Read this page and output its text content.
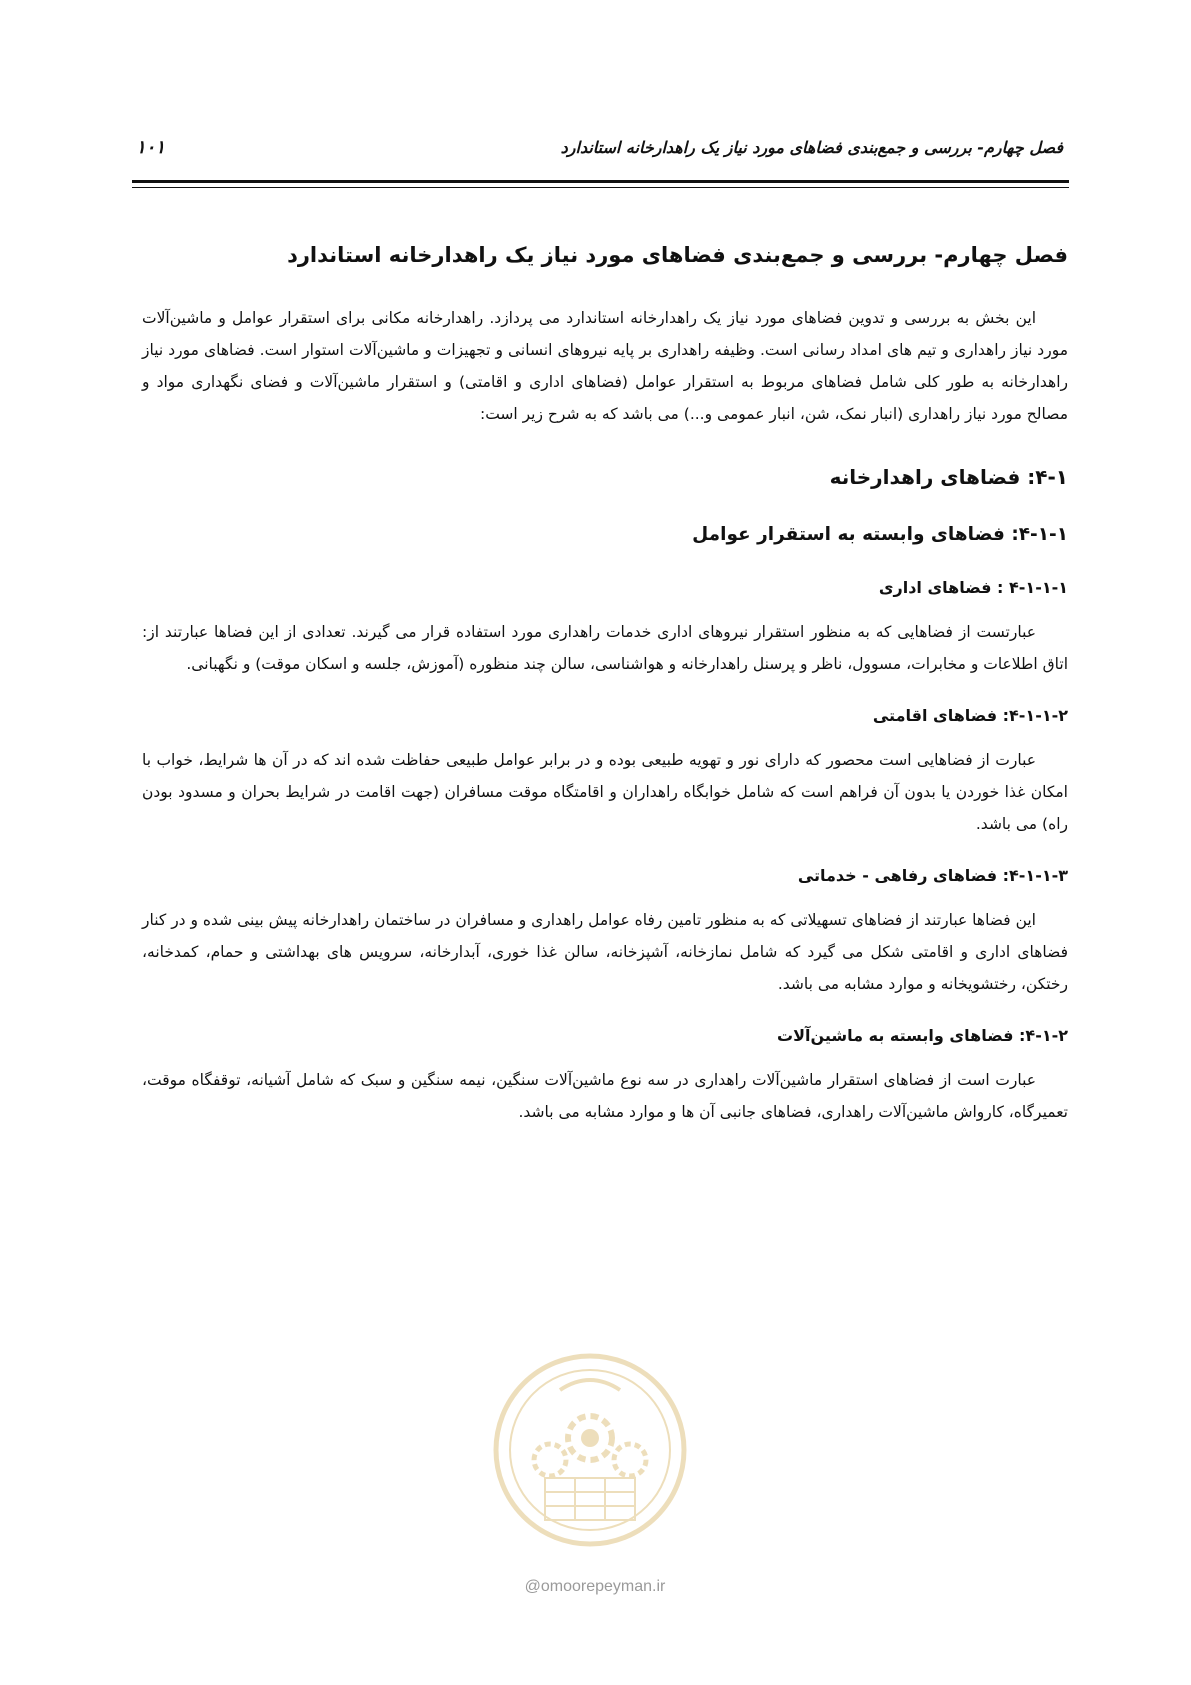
۱۰۱	فصل چهارم- بررسی و جمع‌بندی فضاهای مورد نیاز یک راهدارخانه استاندارد
فصل چهارم- بررسی و جمع‌بندی فضاهای مورد نیاز یک راهدارخانه استاندارد

این بخش به بررسی و تدوین فضاهای مورد نیاز یک راهدارخانه استاندارد می پردازد. راهدارخانه مکانی برای استقرار عوامل و ماشین‌آلات مورد نیاز راهداری و تیم های امداد رسانی است. وظیفه راهداری بر پایه نیروهای انسانی و تجهیزات و ماشین‌آلات استوار است. فضاهای مورد نیاز راهدارخانه به طور کلی شامل فضاهای مربوط به استقرار عوامل (فضاهای اداری و اقامتی) و استقرار ماشین‌آلات و فضای نگهداری مواد و مصالح مورد نیاز راهداری (انبار نمک، شن، انبار عمومی و...) می باشد که به شرح زیر است:

۴-۱: فضاهای راهدارخانه
۴-۱-۱: فضاهای وابسته به استقرار عوامل
۴-۱-۱-۱ : فضاهای اداری

عبارتست از فضاهایی که به منظور استقرار نیروهای اداری خدمات راهداری مورد استفاده قرار می گیرند. تعدادی از این فضاها عبارتند از: اتاق اطلاعات و مخابرات، مسوول، ناظر و پرسنل راهدارخانه و هواشناسی، سالن چند منظوره (آموزش، جلسه و اسکان موقت) و نگهبانی.

۴-۱-۱-۲: فضاهای اقامتی

عبارت از فضاهایی است محصور که دارای نور و تهویه طبیعی بوده و در برابر عوامل طبیعی حفاظت شده اند که در آن ها شرایط، خواب با امکان غذا خوردن یا بدون آن فراهم است که شامل خوابگاه راهداران و اقامتگاه موقت مسافران (جهت اقامت در شرایط بحران و مسدود بودن راه) می باشد.

۴-۱-۱-۳: فضاهای رفاهی - خدماتی

این فضاها عبارتند از فضاهای تسهیلاتی که به منظور تامین رفاه عوامل راهداری و مسافران در ساختمان راهدارخانه پیش بینی شده و در کنار فضاهای اداری و اقامتی شکل می گیرد که شامل نمازخانه، آشپزخانه، سالن غذا خوری، آبدارخانه، سرویس های بهداشتی و حمام، کمدخانه، رختکن، رختشویخانه و موارد مشابه می باشد.

۴-۱-۲: فضاهای وابسته به ماشین‌آلات

عبارت است از فضاهای استقرار ماشین‌آلات راهداری در سه نوع ماشین‌آلات سنگین، نیمه سنگین و سبک که شامل آشیانه، توقفگاه موقت، تعمیرگاه، کارواش ماشین‌آلات راهداری، فضاهای جانبی آن ها و موارد مشابه می باشد.

@omoorepeyman.ir
